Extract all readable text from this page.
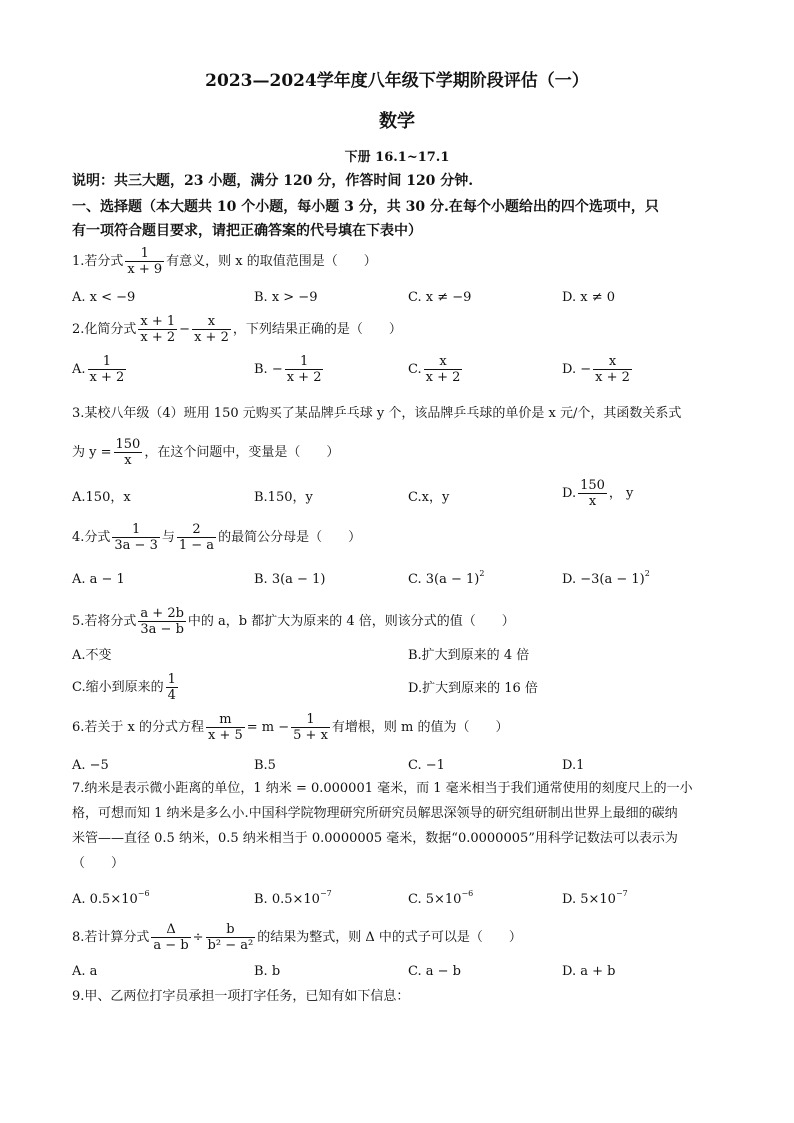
2023—2024学年度八年级下学期阶段评估（一）
数学
下册 16.1~17.1
说明：共三大题，23 小题，满分 120 分，作答时间 120 分钟.
一、选择题（本大题共 10 个小题，每小题 3 分，共 30 分.在每个小题给出的四个选项中，只
有一项符合题目要求，请把正确答案的代号填在下表中）
1.若分式 $\frac{1}{x + 9}$ 有意义，则 x 的取值范围是（　　）
A. x < −9	B. x > −9	C. x ≠ −9	D. x ≠ 0
2.化简分式 $\frac{x + 1}{x + 2} - \frac{x}{x + 2}$ ，下列结果正确的是（　　）
A. $\frac{1}{x + 2}$	B. − $\frac{1}{x + 2}$	C. $\frac{x}{x + 2}$	D. − $\frac{x}{x + 2}$
3.某校八年级（4）班用 150 元购买了某品牌乒乓球 y 个，该品牌乒乓球的单价是 x 元/个，其函数关系式
为 $y = \frac{150}{x}$ ，在这个问题中，变量是（　　）
A.150，x	B.150，y	C.x，y	D. $\frac{150}{x}$ ， y
4.分式 $\frac{1}{3a - 3}$ 与 $\frac{2}{1 - a}$ 的最简公分母是（　　）
A. a − 1	B. 3(a − 1)	C. $3(a - 1)^2$	D. $-3(a - 1)^2$
5.若将分式 $\frac{a + 2b}{3a - b}$ 中的 a，b 都扩大为原来的 4 倍，则该分式的值（　　）
A.不变	B.扩大到原来的 4 倍
C.缩小到原来的 $\frac{1}{4}$	D.扩大到原来的 16 倍
6.若关于 x 的分式方程 $\frac{m}{x + 5} = m - \frac{1}{5 + x}$ 有增根，则 m 的值为（　　）
A. −5	B.5	C. −1	D.1
7.纳米是表示微小距离的单位，1 纳米 = 0.000001 毫米，而 1 毫米相当于我们通常使用的刻度尺上的一小
格，可想而知 1 纳米是多么小.中国科学院物理研究所研究员解思深领导的研究组研制出世界上最细的碳纳
米管——直径 0.5 纳米，0.5 纳米相当于 0.0000005 毫米，数据“0.0000005”用科学记数法可以表示为
（　　）
A. $0.5\times 10^{-6}$	B. $0.5\times 10^{-7}$	C. $5\times 10^{-6}$	D. $5\times 10^{-7}$
8.若计算分式 $\frac{\Delta}{a - b} \div \frac{b}{\text{b² − a²}}$ 的结果为整式，则 Δ 中的式子可以是（　　）
A. a	B. b	C. a − b	D. a + b
9.甲、乙两位打字员承担一项打字任务，已知有如下信息：
